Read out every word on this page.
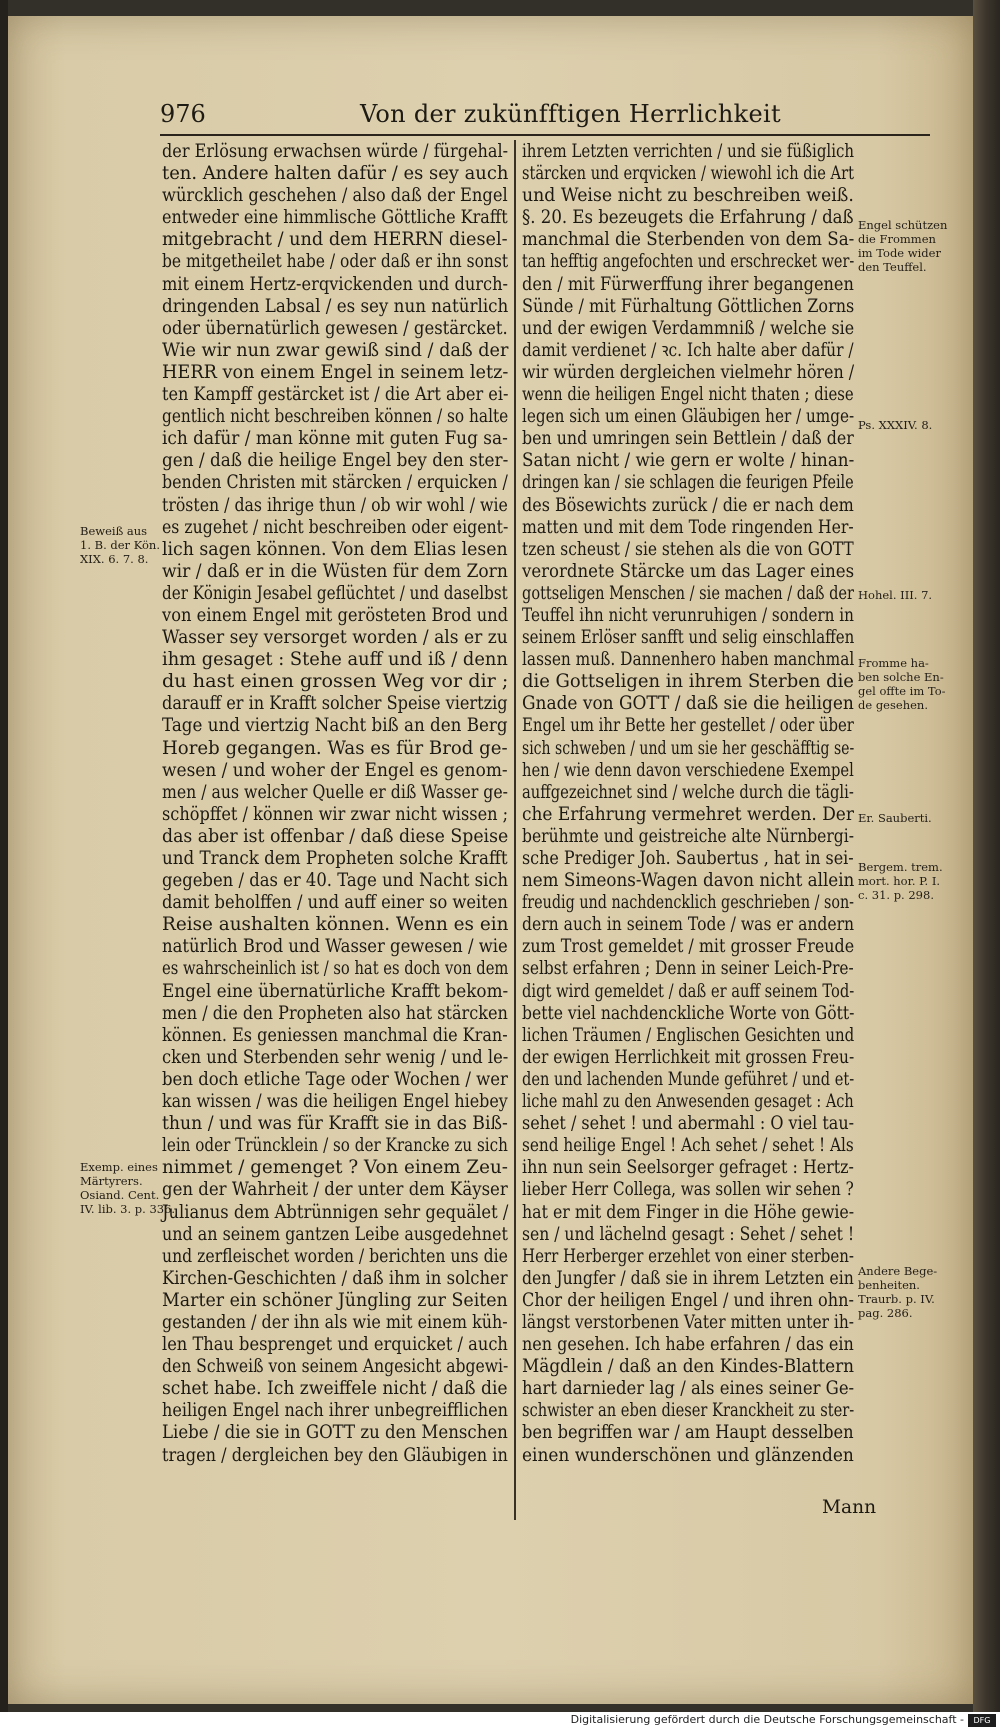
976	Von der zukünfftigen Herrlichkeit
der Erlösung erwachsen würde / fürgehal-
ten. Andere halten dafür / es sey auch
würcklich geschehen / also daß der Engel
entweder eine himmlische Göttliche Krafft
mitgebracht / und dem HERRN diesel-
be mitgetheilet habe / oder daß er ihn sonst
mit einem Hertz-erqvickenden und durch-
dringenden Labsal / es sey nun natürlich
oder übernatürlich gewesen / gestärcket.
Wie wir nun zwar gewiß sind / daß der
HERR von einem Engel in seinem letz-
ten Kampff gestärcket ist / die Art aber ei-
gentlich nicht beschreiben können / so halte
ich dafür / man könne mit guten Fug sa-
gen / daß die heilige Engel bey den ster-
benden Christen mit stärcken / erquicken /
trösten / das ihrige thun / ob wir wohl / wie
es zugehet / nicht beschreiben oder eigent-
lich sagen können. Von dem Elias lesen
wir / daß er in die Wüsten für dem Zorn
der Königin Jesabel geflüchtet / und daselbst
von einem Engel mit gerösteten Brod und
Wasser sey versorget worden / als er zu
ihm gesaget : Stehe auff und iß / denn
du hast einen grossen Weg vor dir ;
darauff er in Krafft solcher Speise viertzig
Tage und viertzig Nacht biß an den Berg
Horeb gegangen. Was es für Brod ge-
wesen / und woher der Engel es genom-
men / aus welcher Quelle er diß Wasser ge-
schöpffet / können wir zwar nicht wissen ;
das aber ist offenbar / daß diese Speise
und Tranck dem Propheten solche Krafft
gegeben / das er 40. Tage und Nacht sich
damit beholffen / und auff einer so weiten
Reise aushalten können. Wenn es ein
natürlich Brod und Wasser gewesen / wie
es wahrscheinlich ist / so hat es doch von dem
Engel eine übernatürliche Krafft bekom-
men / die den Propheten also hat stärcken
können. Es geniessen manchmal die Kran-
cken und Sterbenden sehr wenig / und le-
ben doch etliche Tage oder Wochen / wer
kan wissen / was die heiligen Engel hiebey
thun / und was für Krafft sie in das Biß-
lein oder Trüncklein / so der Krancke zu sich
nimmet / gemenget ? Von einem Zeu-
gen der Wahrheit / der unter dem Käyser
Julianus dem Abtrünnigen sehr gequälet /
und an seinem gantzen Leibe ausgedehnet
und zerfleischet worden / berichten uns die
Kirchen-Geschichten / daß ihm in solcher
Marter ein schöner Jüngling zur Seiten
gestanden / der ihn als wie mit einem küh-
len Thau besprenget und erquicket / auch
den Schweiß von seinem Angesicht abgewi-
schet habe. Ich zweiffele nicht / daß die
heiligen Engel nach ihrer unbegreifflichen
Liebe / die sie in GOTT zu den Menschen
tragen / dergleichen bey den Gläubigen in
ihrem Letzten verrichten / und sie füßiglich
stärcken und erqvicken / wiewohl ich die Art
und Weise nicht zu beschreiben weiß.
§. 20. Es bezeugets die Erfahrung / daß
manchmal die Sterbenden von dem Sa-
tan hefftig angefochten und erschrecket wer-
den / mit Fürwerffung ihrer begangenen
Sünde / mit Fürhaltung Göttlichen Zorns
und der ewigen Verdammniß / welche sie
damit verdienet / ꝛc. Ich halte aber dafür /
wir würden dergleichen vielmehr hören /
wenn die heiligen Engel nicht thaten ; diese
legen sich um einen Gläubigen her / umge-
ben und umringen sein Bettlein / daß der
Satan nicht / wie gern er wolte / hinan-
dringen kan / sie schlagen die feurigen Pfeile
des Bösewichts zurück / die er nach dem
matten und mit dem Tode ringenden Her-
tzen scheust / sie stehen als die von GOTT
verordnete Stärcke um das Lager eines
gottseligen Menschen / sie machen / daß der
Teuffel ihn nicht verunruhigen / sondern in
seinem Erlöser sanfft und selig einschlaffen
lassen muß. Dannenhero haben manchmal
die Gottseligen in ihrem Sterben die
Gnade von GOTT / daß sie die heiligen
Engel um ihr Bette her gestellet / oder über
sich schweben / und um sie her geschäfftig se-
hen / wie denn davon verschiedene Exempel
auffgezeichnet sind / welche durch die tägli-
che Erfahrung vermehret werden. Der
berühmte und geistreiche alte Nürnbergi-
sche Prediger Joh. Saubertus , hat in sei-
nem Simeons-Wagen davon nicht allein
freudig und nachdencklich geschrieben / son-
dern auch in seinem Tode / was er andern
zum Trost gemeldet / mit grosser Freude
selbst erfahren ; Denn in seiner Leich-Pre-
digt wird gemeldet / daß er auff seinem Tod-
bette viel nachdenckliche Worte von Gött-
lichen Träumen / Englischen Gesichten und
der ewigen Herrlichkeit mit grossen Freu-
den und lachenden Munde geführet / und et-
liche mahl zu den Anwesenden gesaget : Ach
sehet / sehet ! und abermahl : O viel tau-
send heilige Engel ! Ach sehet / sehet ! Als
ihn nun sein Seelsorger gefraget : Hertz-
lieber Herr Collega, was sollen wir sehen ?
hat er mit dem Finger in die Höhe gewie-
sen / und lächelnd gesagt : Sehet / sehet !
Herr Herberger erzehlet von einer sterben-
den Jungfer / daß sie in ihrem Letzten ein
Chor der heiligen Engel / und ihren ohn-
längst verstorbenen Vater mitten unter ih-
nen gesehen. Ich habe erfahren / das ein
Mägdlein / daß an den Kindes-Blattern
hart darnieder lag / als eines seiner Ge-
schwister an eben dieser Kranckheit zu ster-
ben begriffen war / am Haupt desselben
einen wunderschönen und glänzenden
Beweiß aus
1. B. der Kön.
XIX. 6. 7. 8.
Exemp. eines
Märtyrers.
Osiand. Cent.
IV. lib. 3. p. 336.
Engel schützen
die Frommen
im Tode wider
den Teuffel.
Ps. XXXIV. 8.
Hohel. III. 7.
Fromme ha-
ben solche En-
gel offte im To-
de gesehen.
Er. Sauberti.
Bergem. trem.
mort. hor. P. I.
c. 31. p. 298.
Andere Bege-
benheiten.
Traurb. p. IV.
pag. 286.
Mann
Digitalisierung gefördert durch die Deutsche Forschungsgemeinschaft -	DFG
